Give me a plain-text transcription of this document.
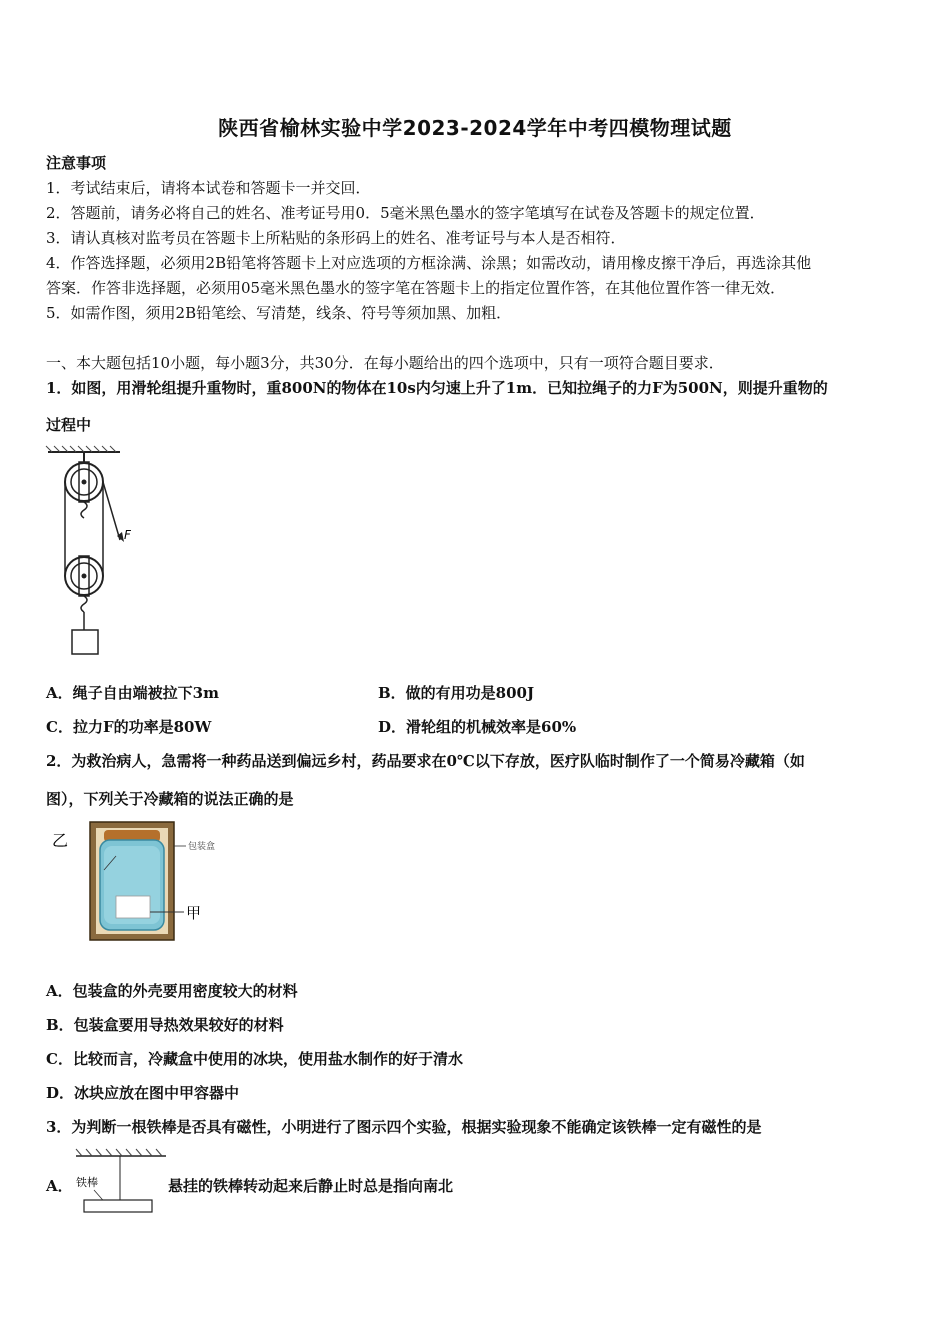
陕西省榆林实验中学2023-2024学年中考四模物理试题
注意事项
1．考试结束后，请将本试卷和答题卡一并交回．
2．答题前，请务必将自己的姓名、准考证号用0．5毫米黑色墨水的签字笔填写在试卷及答题卡的规定位置．
3．请认真核对监考员在答题卡上所粘贴的条形码上的姓名、准考证号与本人是否相符．
4．作答选择题，必须用2B铅笔将答题卡上对应选项的方框涂满、涂黑；如需改动，请用橡皮擦干净后，再选涂其他
答案．作答非选择题，必须用05毫米黑色墨水的签字笔在答题卡上的指定位置作答，在其他位置作答一律无效．
5．如需作图，须用2B铅笔绘、写清楚，线条、符号等须加黑、加粗．
一、本大题包括10小题，每小题3分，共30分．在每小题给出的四个选项中，只有一项符合题目要求．
1．如图，用滑轮组提升重物时，重800N的物体在10s内匀速上升了1m．已知拉绳子的力F为500N，则提升重物的
过程中
F
A．绳子自由端被拉下3m	B．做的有用功是800J
C．拉力F的功率是80W	D．滑轮组的机械效率是60%
2．为救治病人，急需将一种药品送到偏远乡村，药品要求在0℃以下存放，医疗队临时制作了一个简易冷藏箱（如
图），下列关于冷藏箱的说法正确的是
乙	包装盒
甲
A．包装盒的外壳要用密度较大的材料
B．包装盒要用导热效果较好的材料
C．比较而言，冷藏盒中使用的冰块，使用盐水制作的好于清水
D．冰块应放在图中甲容器中
3．为判断一根铁棒是否具有磁性，小明进行了图示四个实验，根据实验现象不能确定该铁棒一定有磁性的是
A． 铁棒	悬挂的铁棒转动起来后静止时总是指向南北
